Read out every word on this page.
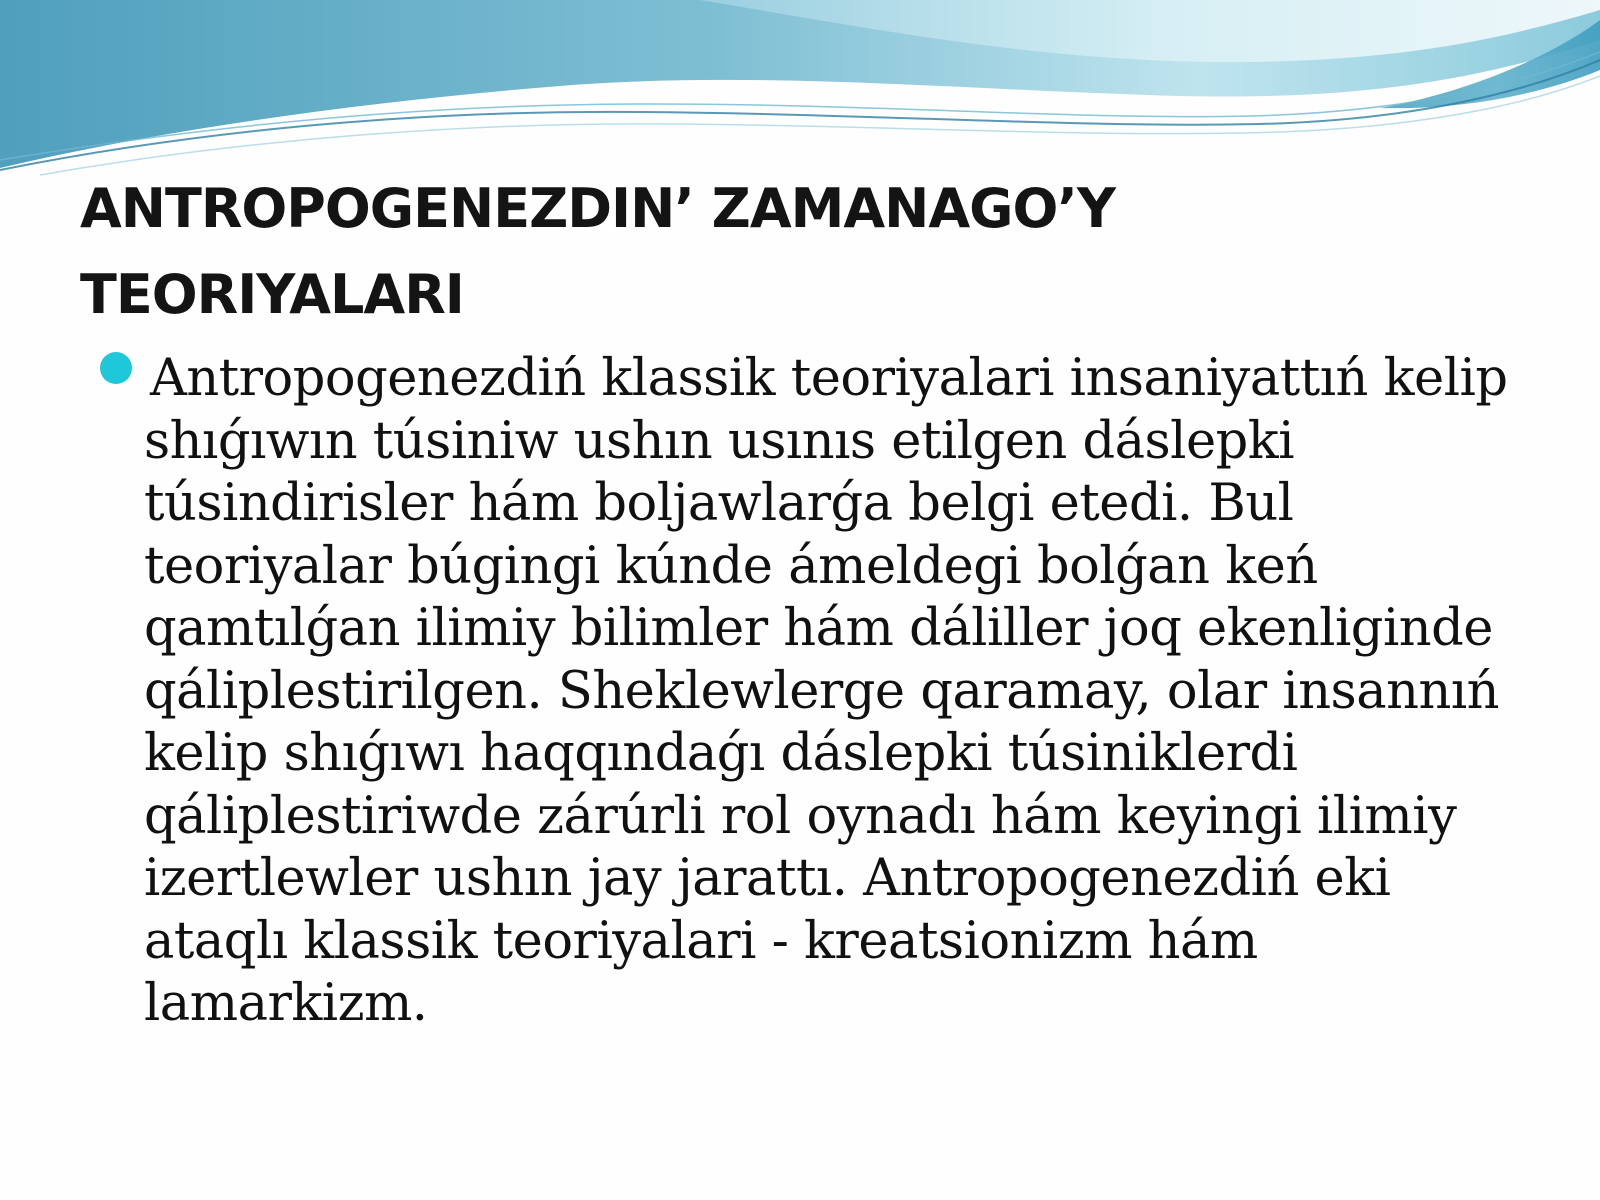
ANTROPOGENEZDIN’ ZAMANAGO’Y TEORIYALARI

Antropogenezdiń klassik teoriyalari insaniyattıń kelip shıǵıwın túsiniw ushın usınıs etilgen dáslepki túsindirisler hám boljawlarǵa belgi etedi. Bul teoriyalar búgingi kúnde ámeldegi bolǵan keń qamtılǵan ilimiy bilimler hám dáliller joq ekenliginde qáliplestirilgen. Sheklewlerge qaramay, olar insannıń kelip shıǵıwı haqqındaǵı dáslepki túsiniklerdi qáliplestiriwde zárúrli rol oynadı hám keyingi ilimiy izertlewler ushın jay jarattı. Antropogenezdiń eki ataqlı klassik teoriyalari - kreatsionizm hám lamarkizm.
